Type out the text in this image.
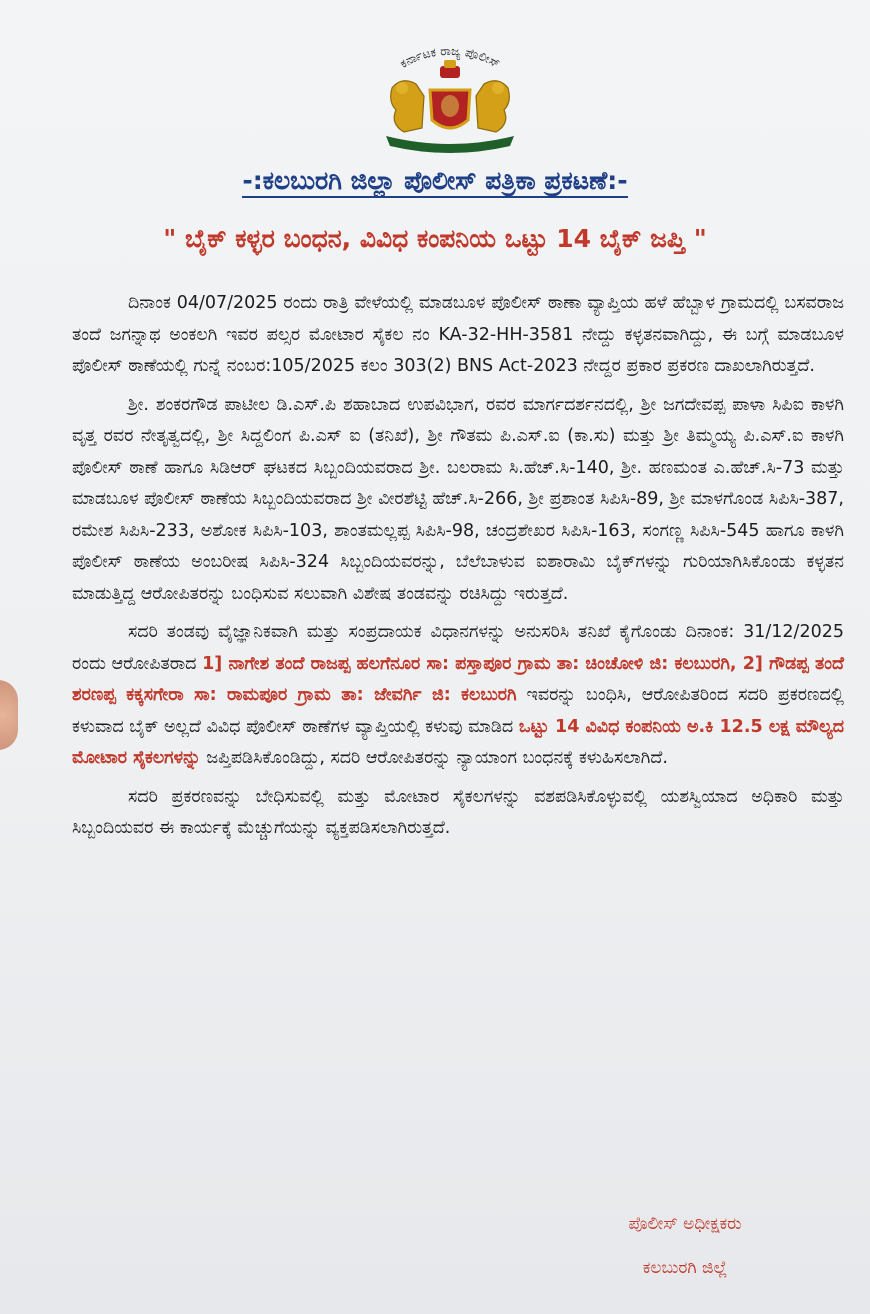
ಕರ್ನಾಟಕ ರಾಜ್ಯ ಪೊಲೀಸ್
-:ಕಲಬುರಗಿ ಜಿಲ್ಲಾ ಪೊಲೀಸ್ ಪತ್ರಿಕಾ ಪ್ರಕಟಣೆ:-
" ಬೈಕ್ ಕಳ್ಳರ ಬಂಧನ, ವಿವಿಧ ಕಂಪನಿಯ ಒಟ್ಟು 14 ಬೈಕ್ ಜಪ್ತಿ "

ದಿನಾಂಕ 04/07/2025 ರಂದು ರಾತ್ರಿ ವೇಳೆಯಲ್ಲಿ ಮಾಡಬೂಳ ಪೊಲೀಸ್ ಠಾಣಾ ವ್ಯಾಪ್ತಿಯ ಹಳೆ ಹೆಬ್ಬಾಳ ಗ್ರಾಮದಲ್ಲಿ ಬಸವರಾಜ ತಂದೆ ಜಗನ್ನಾಥ ಅಂಕಲಗಿ ಇವರ ಪಲ್ಸರ ಮೋಟಾರ ಸೈಕಲ ನಂ KA-32-HH-3581 ನೇದ್ದು ಕಳ್ಳತನವಾಗಿದ್ದು, ಈ ಬಗ್ಗೆ ಮಾಡಬೂಳ ಪೊಲೀಸ್ ಠಾಣೆಯಲ್ಲಿ ಗುನ್ನೆ ನಂಬರ:105/2025 ಕಲಂ 303(2) BNS Act-2023 ನೇದ್ದರ ಪ್ರಕಾರ ಪ್ರಕರಣ ದಾಖಲಾಗಿರುತ್ತದೆ.

ಶ್ರೀ. ಶಂಕರಗೌಡ ಪಾಟೀಲ ಡಿ.ಎಸ್.ಪಿ ಶಹಾಬಾದ ಉಪವಿಭಾಗ, ರವರ ಮಾರ್ಗದರ್ಶನದಲ್ಲಿ, ಶ್ರೀ ಜಗದೇವಪ್ಪ ಪಾಳಾ ಸಿಪಿಐ ಕಾಳಗಿ ವೃತ್ತ ರವರ ನೇತೃತ್ವದಲ್ಲಿ, ಶ್ರೀ ಸಿದ್ದಲಿಂಗ ಪಿ.ಎಸ್ ಐ (ತನಿಖೆ), ಶ್ರೀ ಗೌತಮ ಪಿ.ಎಸ್.ಐ (ಕಾ.ಸು) ಮತ್ತು ಶ್ರೀ ತಿಮ್ಮಯ್ಯ ಪಿ.ಎಸ್.ಐ ಕಾಳಗಿ ಪೊಲೀಸ್ ಠಾಣೆ ಹಾಗೂ ಸಿಡಿಆರ್ ಘಟಕದ ಸಿಬ್ಬಂದಿಯವರಾದ ಶ್ರೀ. ಬಲರಾಮ ಸಿ.ಹೆಚ್.ಸಿ-140, ಶ್ರೀ. ಹಣಮಂತ ಎ.ಹೆಚ್.ಸಿ-73 ಮತ್ತು ಮಾಡಬೂಳ ಪೊಲೀಸ್ ಠಾಣೆಯ ಸಿಬ್ಬಂದಿಯವರಾದ ಶ್ರೀ ವೀರಶೆಟ್ಟಿ ಹೆಚ್.ಸಿ-266, ಶ್ರೀ ಪ್ರಶಾಂತ ಸಿಪಿಸಿ-89, ಶ್ರೀ ಮಾಳಗೊಂಡ ಸಿಪಿಸಿ-387, ರಮೇಶ ಸಿಪಿಸಿ-233, ಅಶೋಕ ಸಿಪಿಸಿ-103, ಶಾಂತಮಲ್ಲಪ್ಪ ಸಿಪಿಸಿ-98, ಚಂದ್ರಶೇಖರ ಸಿಪಿಸಿ-163, ಸಂಗಣ್ಣ ಸಿಪಿಸಿ-545 ಹಾಗೂ ಕಾಳಗಿ ಪೊಲೀಸ್ ಠಾಣೆಯ ಅಂಬರೀಷ ಸಿಪಿಸಿ-324 ಸಿಬ್ಬಂದಿಯವರನ್ನು, ಬೆಲೆಬಾಳುವ ಐಶಾರಾಮಿ ಬೈಕ್‌ಗಳನ್ನು ಗುರಿಯಾಗಿಸಿಕೊಂಡು ಕಳ್ಳತನ ಮಾಡುತ್ತಿದ್ದ ಆರೋಪಿತರನ್ನು ಬಂಧಿಸುವ ಸಲುವಾಗಿ ವಿಶೇಷ ತಂಡವನ್ನು ರಚಿಸಿದ್ದು ಇರುತ್ತದೆ.

ಸದರಿ ತಂಡವು ವೈಜ್ಞಾನಿಕವಾಗಿ ಮತ್ತು ಸಂಪ್ರದಾಯಕ ವಿಧಾನಗಳನ್ನು ಅನುಸರಿಸಿ ತನಿಖೆ ಕೈಗೊಂಡು ದಿನಾಂಕ: 31/12/2025 ರಂದು ಆರೋಪಿತರಾದ 1] ನಾಗೇಶ ತಂದೆ ರಾಜಪ್ಪ ಹಲಗೆನೂರ ಸಾ: ಪಸ್ತಾಪೂರ ಗ್ರಾಮ ತಾ: ಚಿಂಚೋಳಿ ಜಿ: ಕಲಬುರಗಿ, 2] ಗೌಡಪ್ಪ ತಂದೆ ಶರಣಪ್ಪ ಕಕ್ಕಸಗೇರಾ ಸಾ: ರಾಮಪೂರ ಗ್ರಾಮ ತಾ: ಜೇವರ್ಗಿ ಜಿ: ಕಲಬುರಗಿ ಇವರನ್ನು ಬಂಧಿಸಿ, ಆರೋಪಿತರಿಂದ ಸದರಿ ಪ್ರಕರಣದಲ್ಲಿ ಕಳುವಾದ ಬೈಕ್ ಅಲ್ಲದೆ ವಿವಿಧ ಪೊಲೀಸ್ ಠಾಣೆಗಳ ವ್ಯಾಪ್ತಿಯಲ್ಲಿ ಕಳುವು ಮಾಡಿದ ಒಟ್ಟು 14 ವಿವಿಧ ಕಂಪನಿಯ ಅ.ಕಿ 12.5 ಲಕ್ಷ ಮೌಲ್ಯದ ಮೋಟಾರ ಸೈಕಲಗಳನ್ನು ಜಪ್ತಿಪಡಿಸಿಕೊಂಡಿದ್ದು, ಸದರಿ ಆರೋಪಿತರನ್ನು ನ್ಯಾಯಾಂಗ ಬಂಧನಕ್ಕೆ ಕಳುಹಿಸಲಾಗಿದೆ.

ಸದರಿ ಪ್ರಕರಣವನ್ನು ಬೇಧಿಸುವಲ್ಲಿ ಮತ್ತು ಮೋಟಾರ ಸೈಕಲಗಳನ್ನು ವಶಪಡಿಸಿಕೊಳ್ಳುವಲ್ಲಿ ಯಶಸ್ವಿಯಾದ ಅಧಿಕಾರಿ ಮತ್ತು ಸಿಬ್ಬಂದಿಯವರ ಈ ಕಾರ್ಯಕ್ಕೆ ಮೆಚ್ಚುಗೆಯನ್ನು ವ್ಯಕ್ತಪಡಿಸಲಾಗಿರುತ್ತದೆ.

ಪೊಲೀಸ್ ಅಧೀಕ್ಷಕರು
ಕಲಬುರಗಿ ಜಿಲ್ಲೆ
